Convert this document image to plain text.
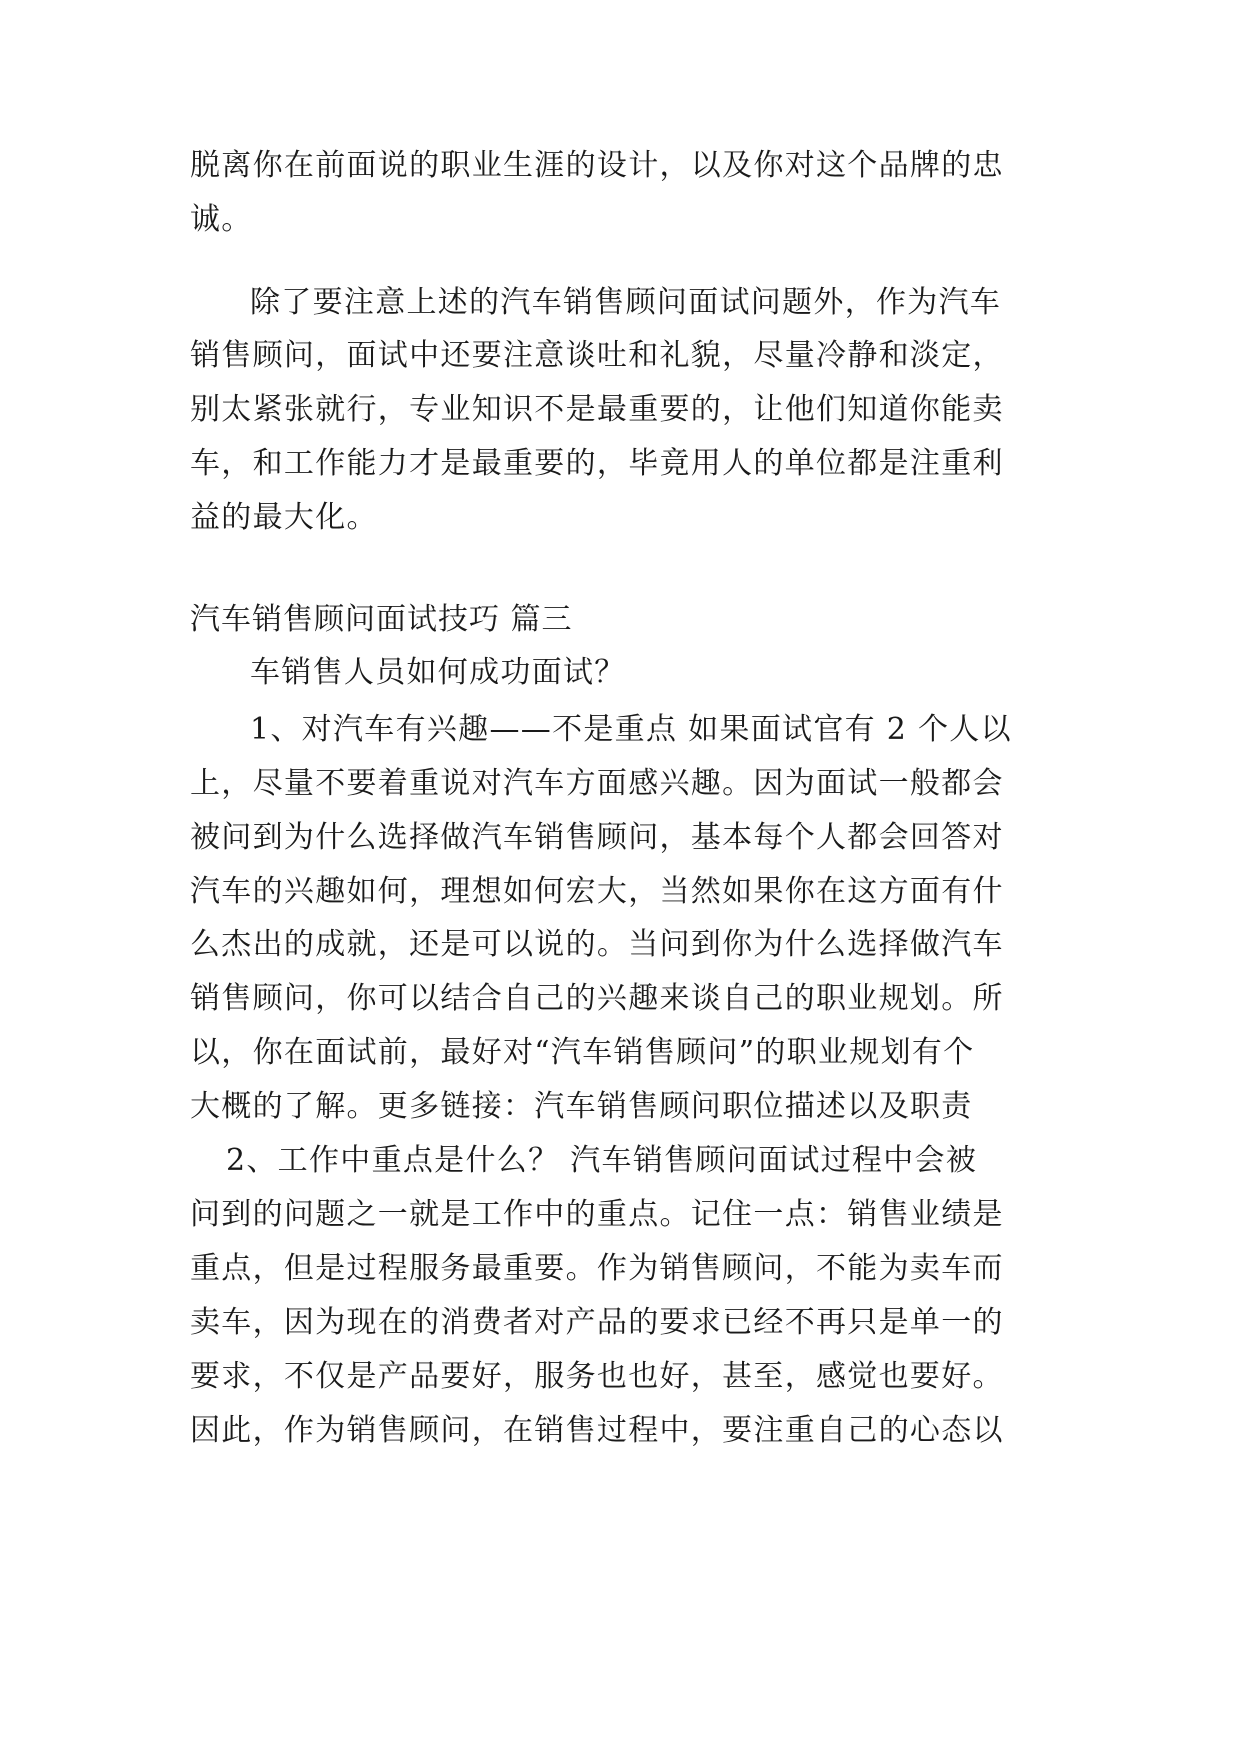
脱离你在前面说的职业生涯的设计，以及你对这个品牌的忠
诚。
除了要注意上述的汽车销售顾问面试问题外，作为汽车
销售顾问，面试中还要注意谈吐和礼貌，尽量冷静和淡定，
别太紧张就行，专业知识不是最重要的，让他们知道你能卖
车，和工作能力才是最重要的，毕竟用人的单位都是注重利
益的最大化。
汽车销售顾问面试技巧 篇三
车销售人员如何成功面试？
1、对汽车有兴趣——不是重点 如果面试官有 2 个人以
上，尽量不要着重说对汽车方面感兴趣。因为面试一般都会
被问到为什么选择做汽车销售顾问，基本每个人都会回答对
汽车的兴趣如何，理想如何宏大，当然如果你在这方面有什
么杰出的成就，还是可以说的。当问到你为什么选择做汽车
销售顾问，你可以结合自己的兴趣来谈自己的职业规划。所
以，你在面试前，最好对“汽车销售顾问”的职业规划有个
大概的了解。更多链接：汽车销售顾问职位描述以及职责
2、工作中重点是什么？ 汽车销售顾问面试过程中会被
问到的问题之一就是工作中的重点。记住一点：销售业绩是
重点，但是过程服务最重要。作为销售顾问，不能为卖车而
卖车，因为现在的消费者对产品的要求已经不再只是单一的
要求，不仅是产品要好，服务也也好，甚至，感觉也要好。
因此，作为销售顾问，在销售过程中，要注重自己的心态以
